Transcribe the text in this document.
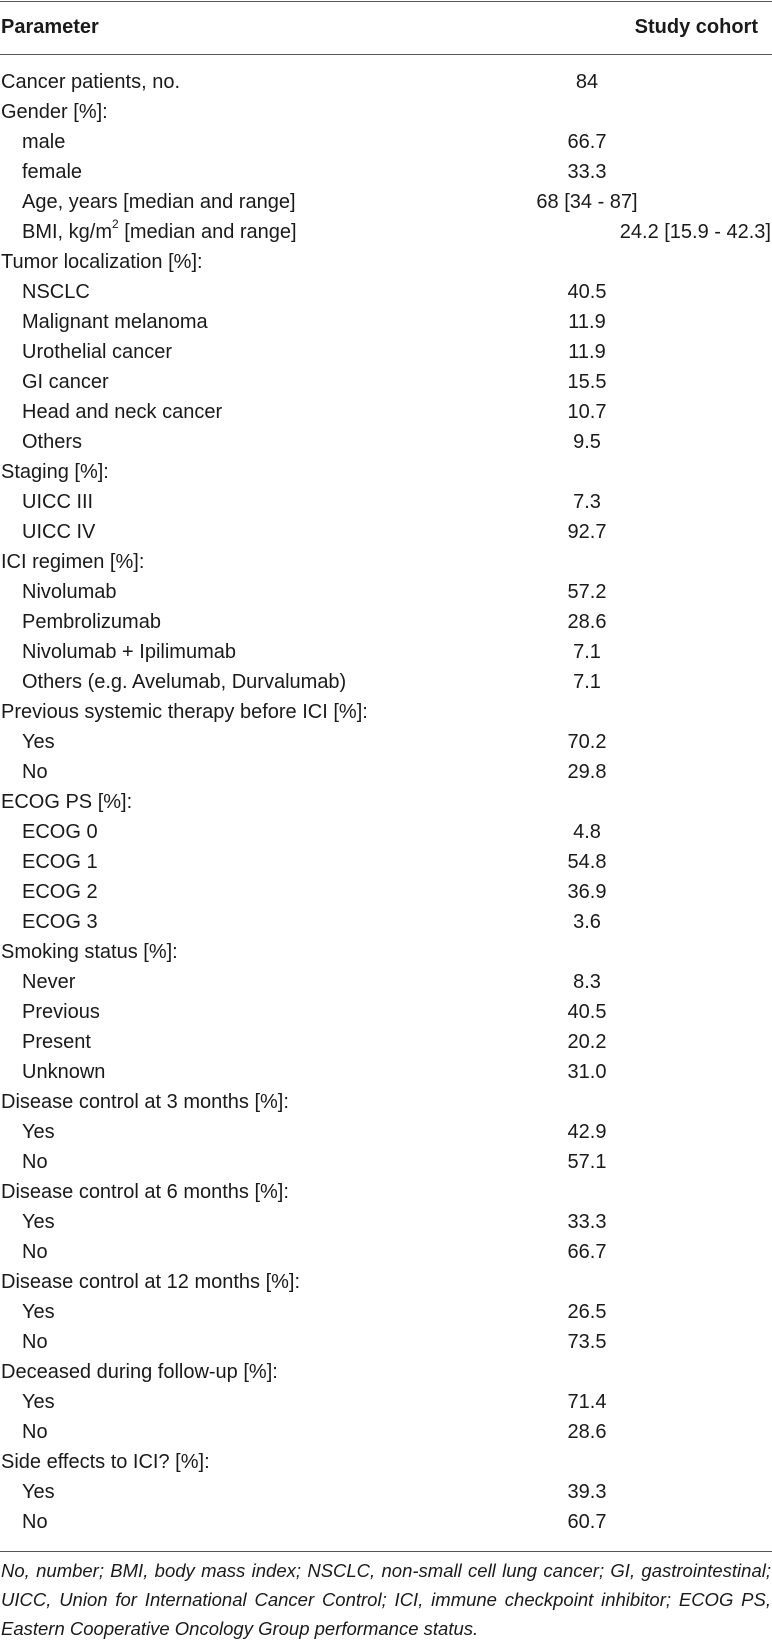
Parameter	Study cohort
Cancer patients, no.	84
Gender [%]:
male	66.7
female	33.3
Age, years [median and range]	68 [34 - 87]
BMI, $kg/m^2$ [median and range]	24.2 [15.9 - 42.3]
Tumor localization [%]:
NSCLC	40.5
Malignant melanoma	11.9
Urothelial cancer	11.9
GI cancer	15.5
Head and neck cancer	10.7
Others	9.5
Staging [%]:
UICC III	7.3
UICC IV	92.7
ICI regimen [%]:
Nivolumab	57.2
Pembrolizumab	28.6
Nivolumab + Ipilimumab	7.1
Others (e.g. Avelumab, Durvalumab)	7.1
Previous systemic therapy before ICI [%]:
Yes	70.2
No	29.8
ECOG PS [%]:
ECOG 0	4.8
ECOG 1	54.8
ECOG 2	36.9
ECOG 3	3.6
Smoking status [%]:
Never	8.3
Previous	40.5
Present	20.2
Unknown	31.0
Disease control at 3 months [%]:
Yes	42.9
No	57.1
Disease control at 6 months [%]:
Yes	33.3
No	66.7
Disease control at 12 months [%]:
Yes	26.5
No	73.5
Deceased during follow-up [%]:
Yes	71.4
No	28.6
Side effects to ICI? [%]:
Yes	39.3
No	60.7
No, number; BMI, body mass index; NSCLC, non-small cell lung cancer; GI, gastrointestinal; UICC, Union for International Cancer Control; ICI, immune checkpoint inhibitor; ECOG PS, Eastern Cooperative Oncology Group performance status.
